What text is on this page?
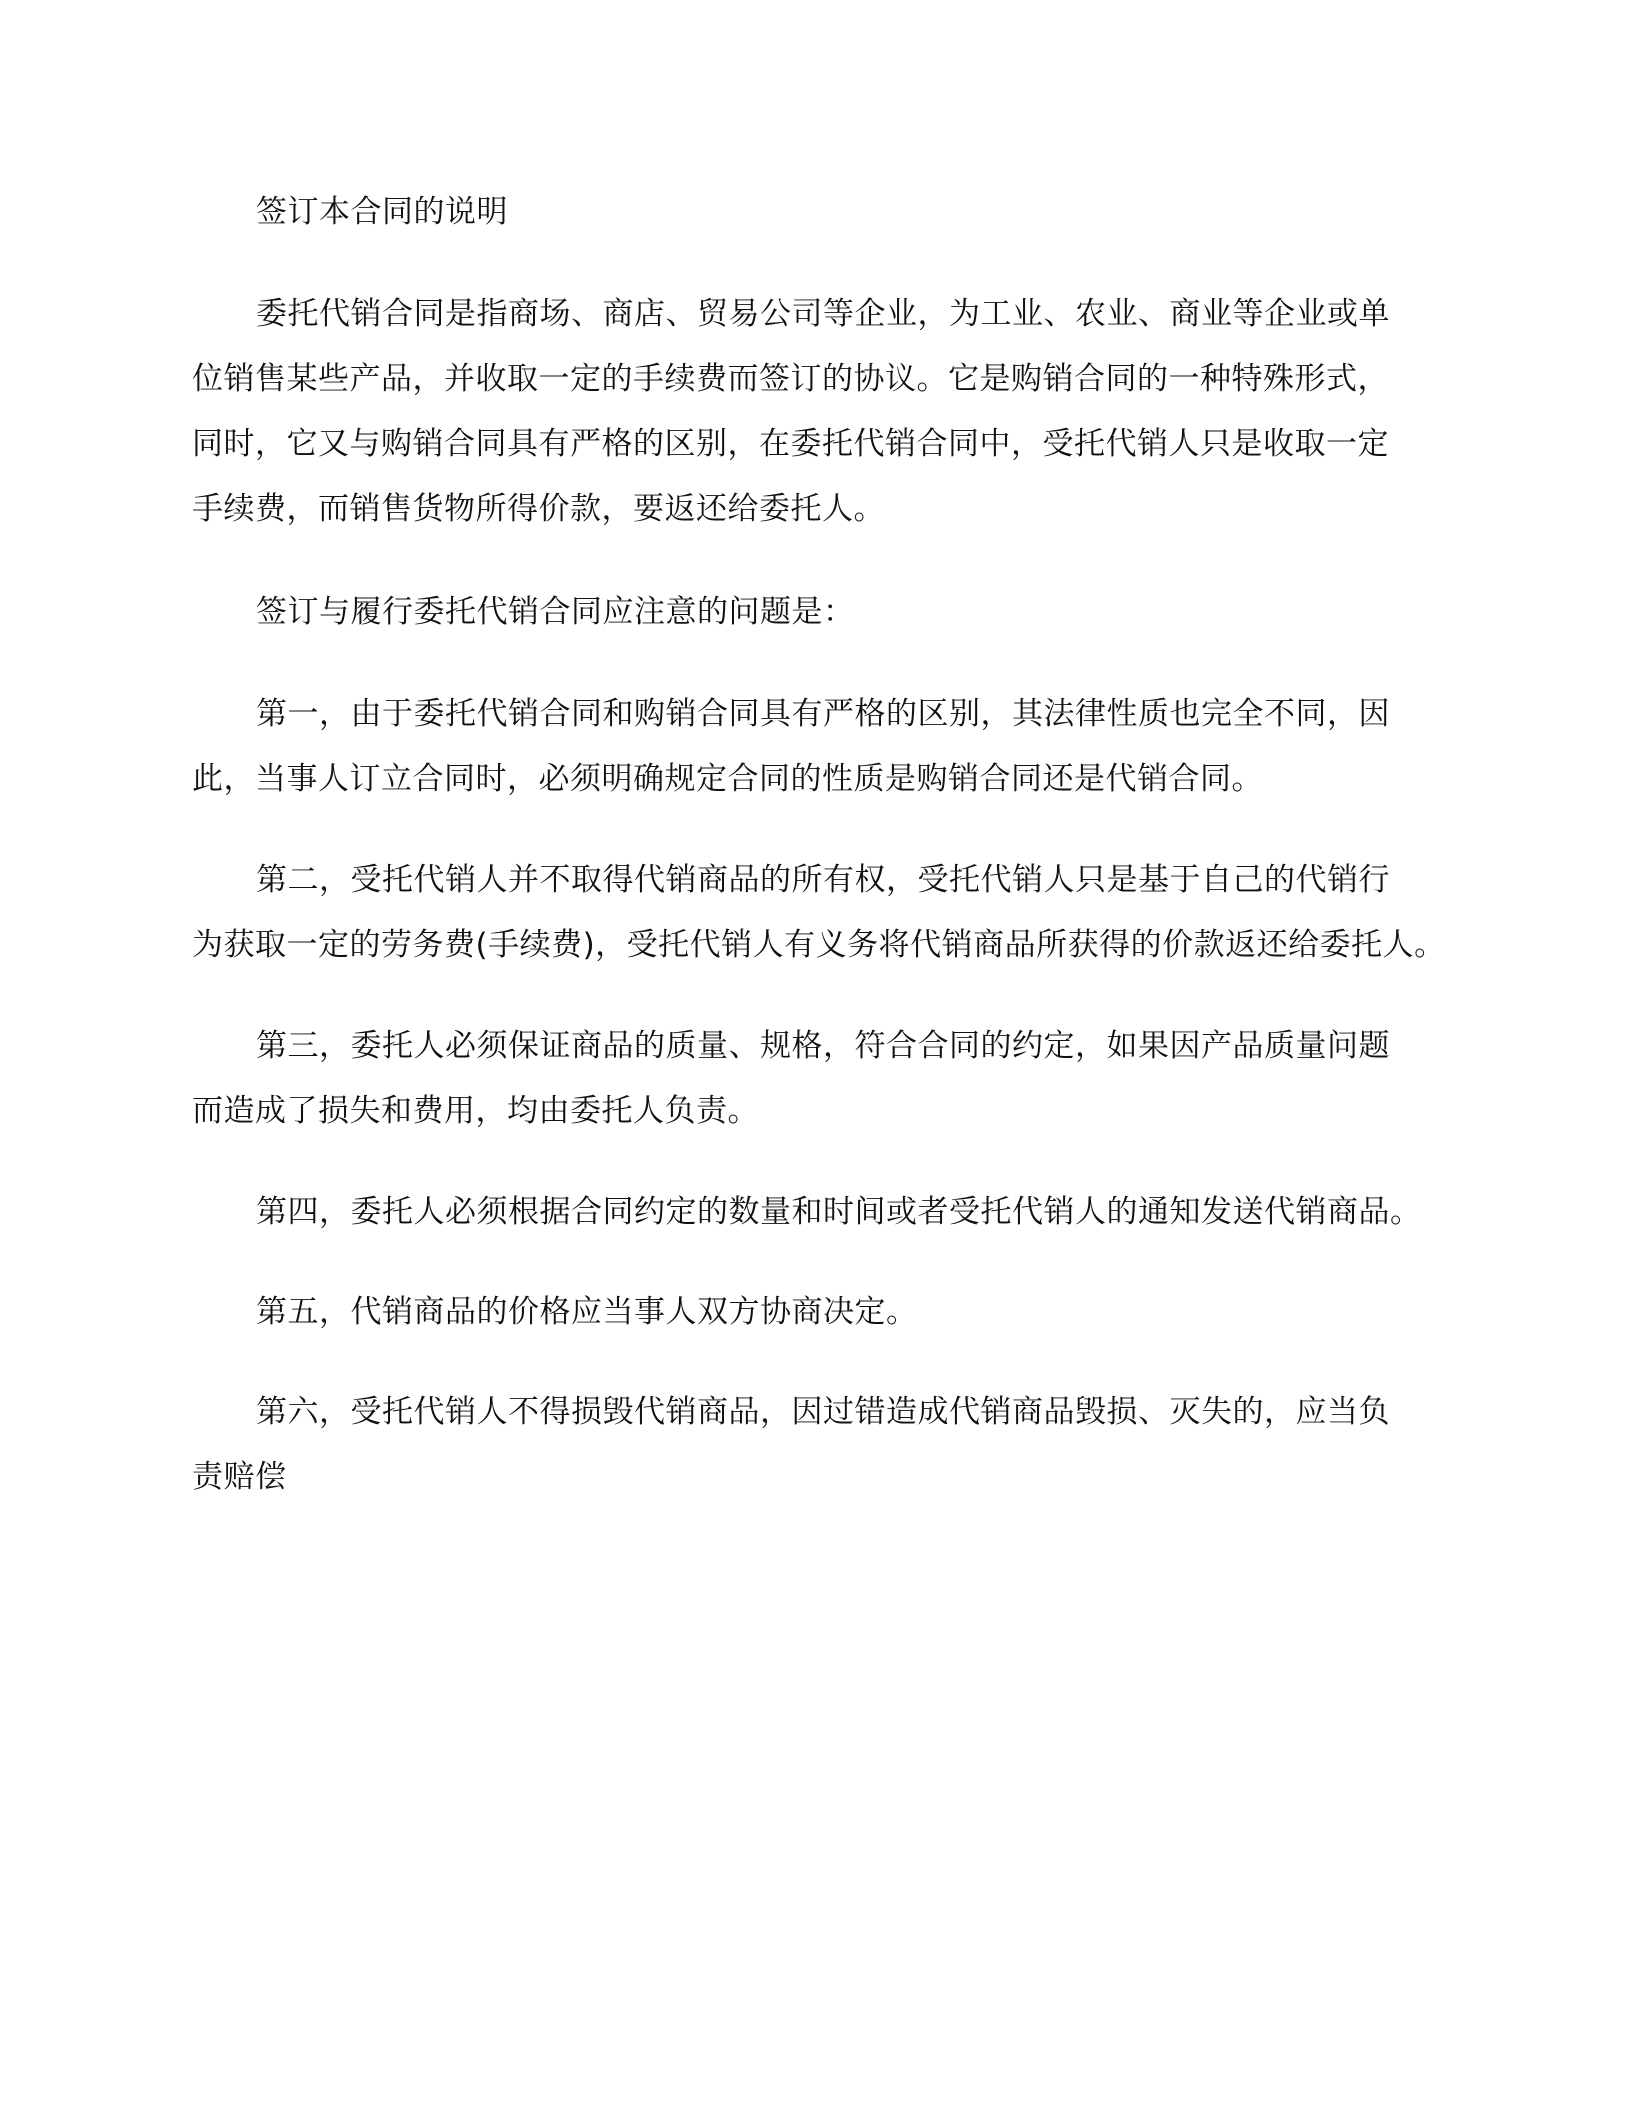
签订本合同的说明
委托代销合同是指商场、商店、贸易公司等企业，为工业、农业、商业等企业或单
位销售某些产品，并收取一定的手续费而签订的协议。它是购销合同的一种特殊形式，
同时，它又与购销合同具有严格的区别，在委托代销合同中，受托代销人只是收取一定
手续费，而销售货物所得价款，要返还给委托人。
签订与履行委托代销合同应注意的问题是：
第一，由于委托代销合同和购销合同具有严格的区别，其法律性质也完全不同，因
此，当事人订立合同时，必须明确规定合同的性质是购销合同还是代销合同。
第二，受托代销人并不取得代销商品的所有权，受托代销人只是基于自己的代销行
为获取一定的劳务费(手续费)，受托代销人有义务将代销商品所获得的价款返还给委托人。
第三，委托人必须保证商品的质量、规格，符合合同的约定，如果因产品质量问题
而造成了损失和费用，均由委托人负责。
第四，委托人必须根据合同约定的数量和时间或者受托代销人的通知发送代销商品。
第五，代销商品的价格应当事人双方协商决定。
第六，受托代销人不得损毁代销商品，因过错造成代销商品毁损、灭失的，应当负
责赔偿
